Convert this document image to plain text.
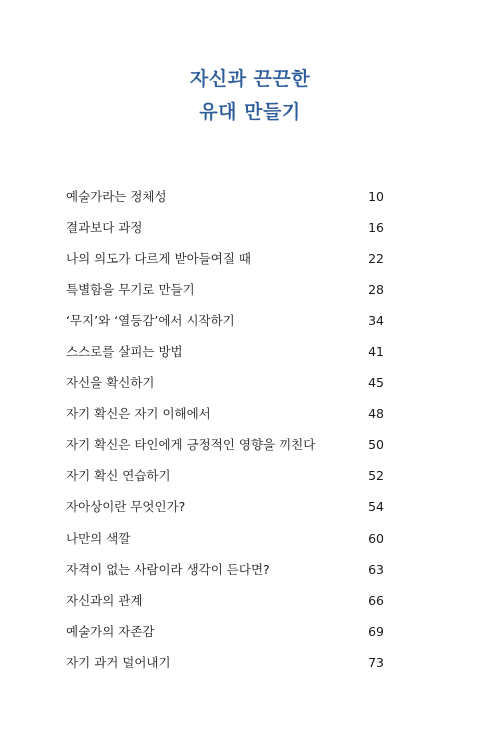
자신과 끈끈한
유대 만들기
예술가라는 정체성	10
결과보다 과정	16
나의 의도가 다르게 받아들여질 때	22
특별함을 무기로 만들기	28
‘무지’와 ‘열등감’에서 시작하기	34
스스로를 살피는 방법	41
자신을 확신하기	45
자기 확신은 자기 이해에서	48
자기 확신은 타인에게 긍정적인 영향을 끼친다	50
자기 확신 연습하기	52
자아상이란 무엇인가?	54
나만의 색깔	60
자격이 없는 사람이라 생각이 든다면?	63
자신과의 관계	66
예술가의 자존감	69
자기 과거 덜어내기	73
